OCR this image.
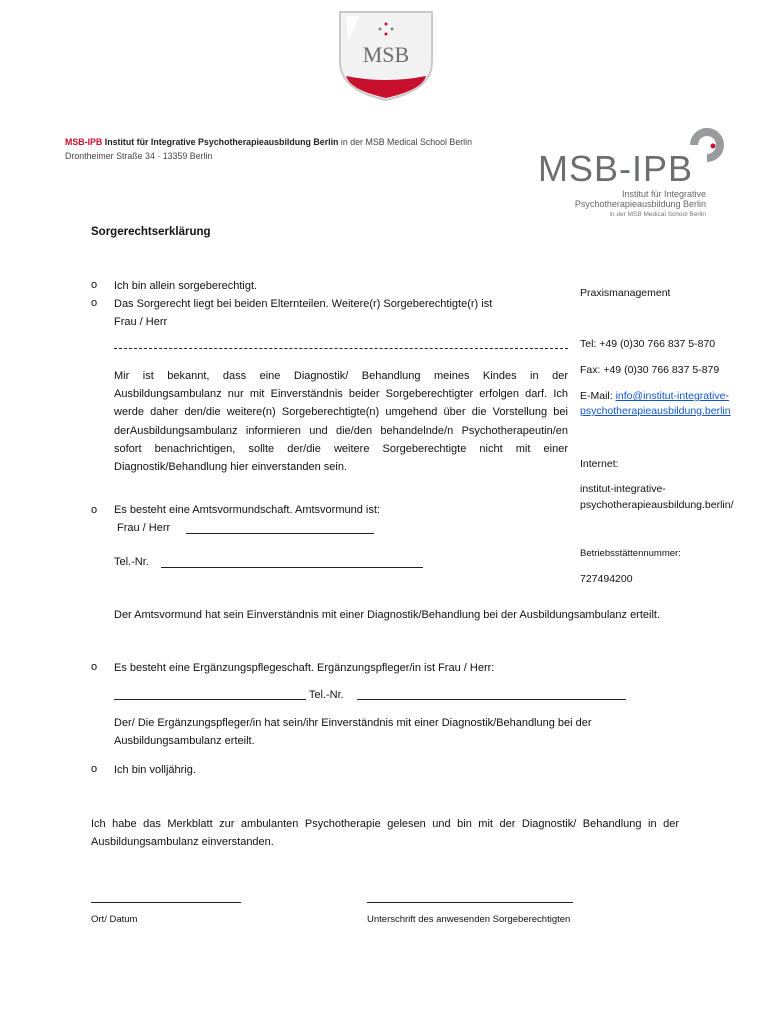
MSB
MSB-IPB Institut für Integrative Psychotherapieausbildung Berlin in der MSB Medical School Berlin
Drontheimer Straße 34 · 13359 Berlin	MSB-IPB
Institut für Integrative
Psychotherapieausbildung Berlin
in der MSB Medical School Berlin
Sorgerechtserklärung
o Ich bin allein sorgeberechtigt.
o Das Sorgerecht liegt bei beiden Elternteilen. Weitere(r) Sorgeberechtigte(r) ist
Frau / Herr
Mir ist bekannt, dass eine Diagnostik/ Behandlung meines Kindes in der Ausbildungsambulanz nur mit Einverständnis beider Sorgeberechtigter erfolgen darf. Ich werde daher den/die weitere(n) Sorgeberechtigte(n) umgehend über die Vorstellung bei derAusbildungsambulanz informieren und die/den behandelnde/n Psychotherapeutin/en sofort benachrichtigen, sollte der/die weitere Sorgeberechtigte nicht mit einer Diagnostik/Behandlung hier einverstanden sein.
o Es besteht eine Amtsvormundschaft. Amtsvormund ist:
Frau / Herr
Tel.-Nr.
Der Amtsvormund hat sein Einverständnis mit einer Diagnostik/Behandlung bei der Ausbildungsambulanz erteilt.
o Es besteht eine Ergänzungspflegeschaft. Ergänzungspfleger/in ist Frau / Herr:
Tel.-Nr.
Der/ Die Ergänzungspfleger/in hat sein/ihr Einverständnis mit einer Diagnostik/Behandlung bei der Ausbildungsambulanz erteilt.
o Ich bin volljährig.
Ich habe das Merkblatt zur ambulanten Psychotherapie gelesen und bin mit der Diagnostik/ Behandlung in der Ausbildungsambulanz einverstanden.
Ort/ Datum	Unterschrift des anwesenden Sorgeberechtigten
Praxismanagement
Tel: +49 (0)30 766 837 5-870
Fax: +49 (0)30 766 837 5-879
E-Mail: info@institut-integrative-
psychotherapieausbildung.berlin
Internet:
institut-integrative-
psychotherapieausbildung.berlin/
Betriebsstättennummer:
727494200
